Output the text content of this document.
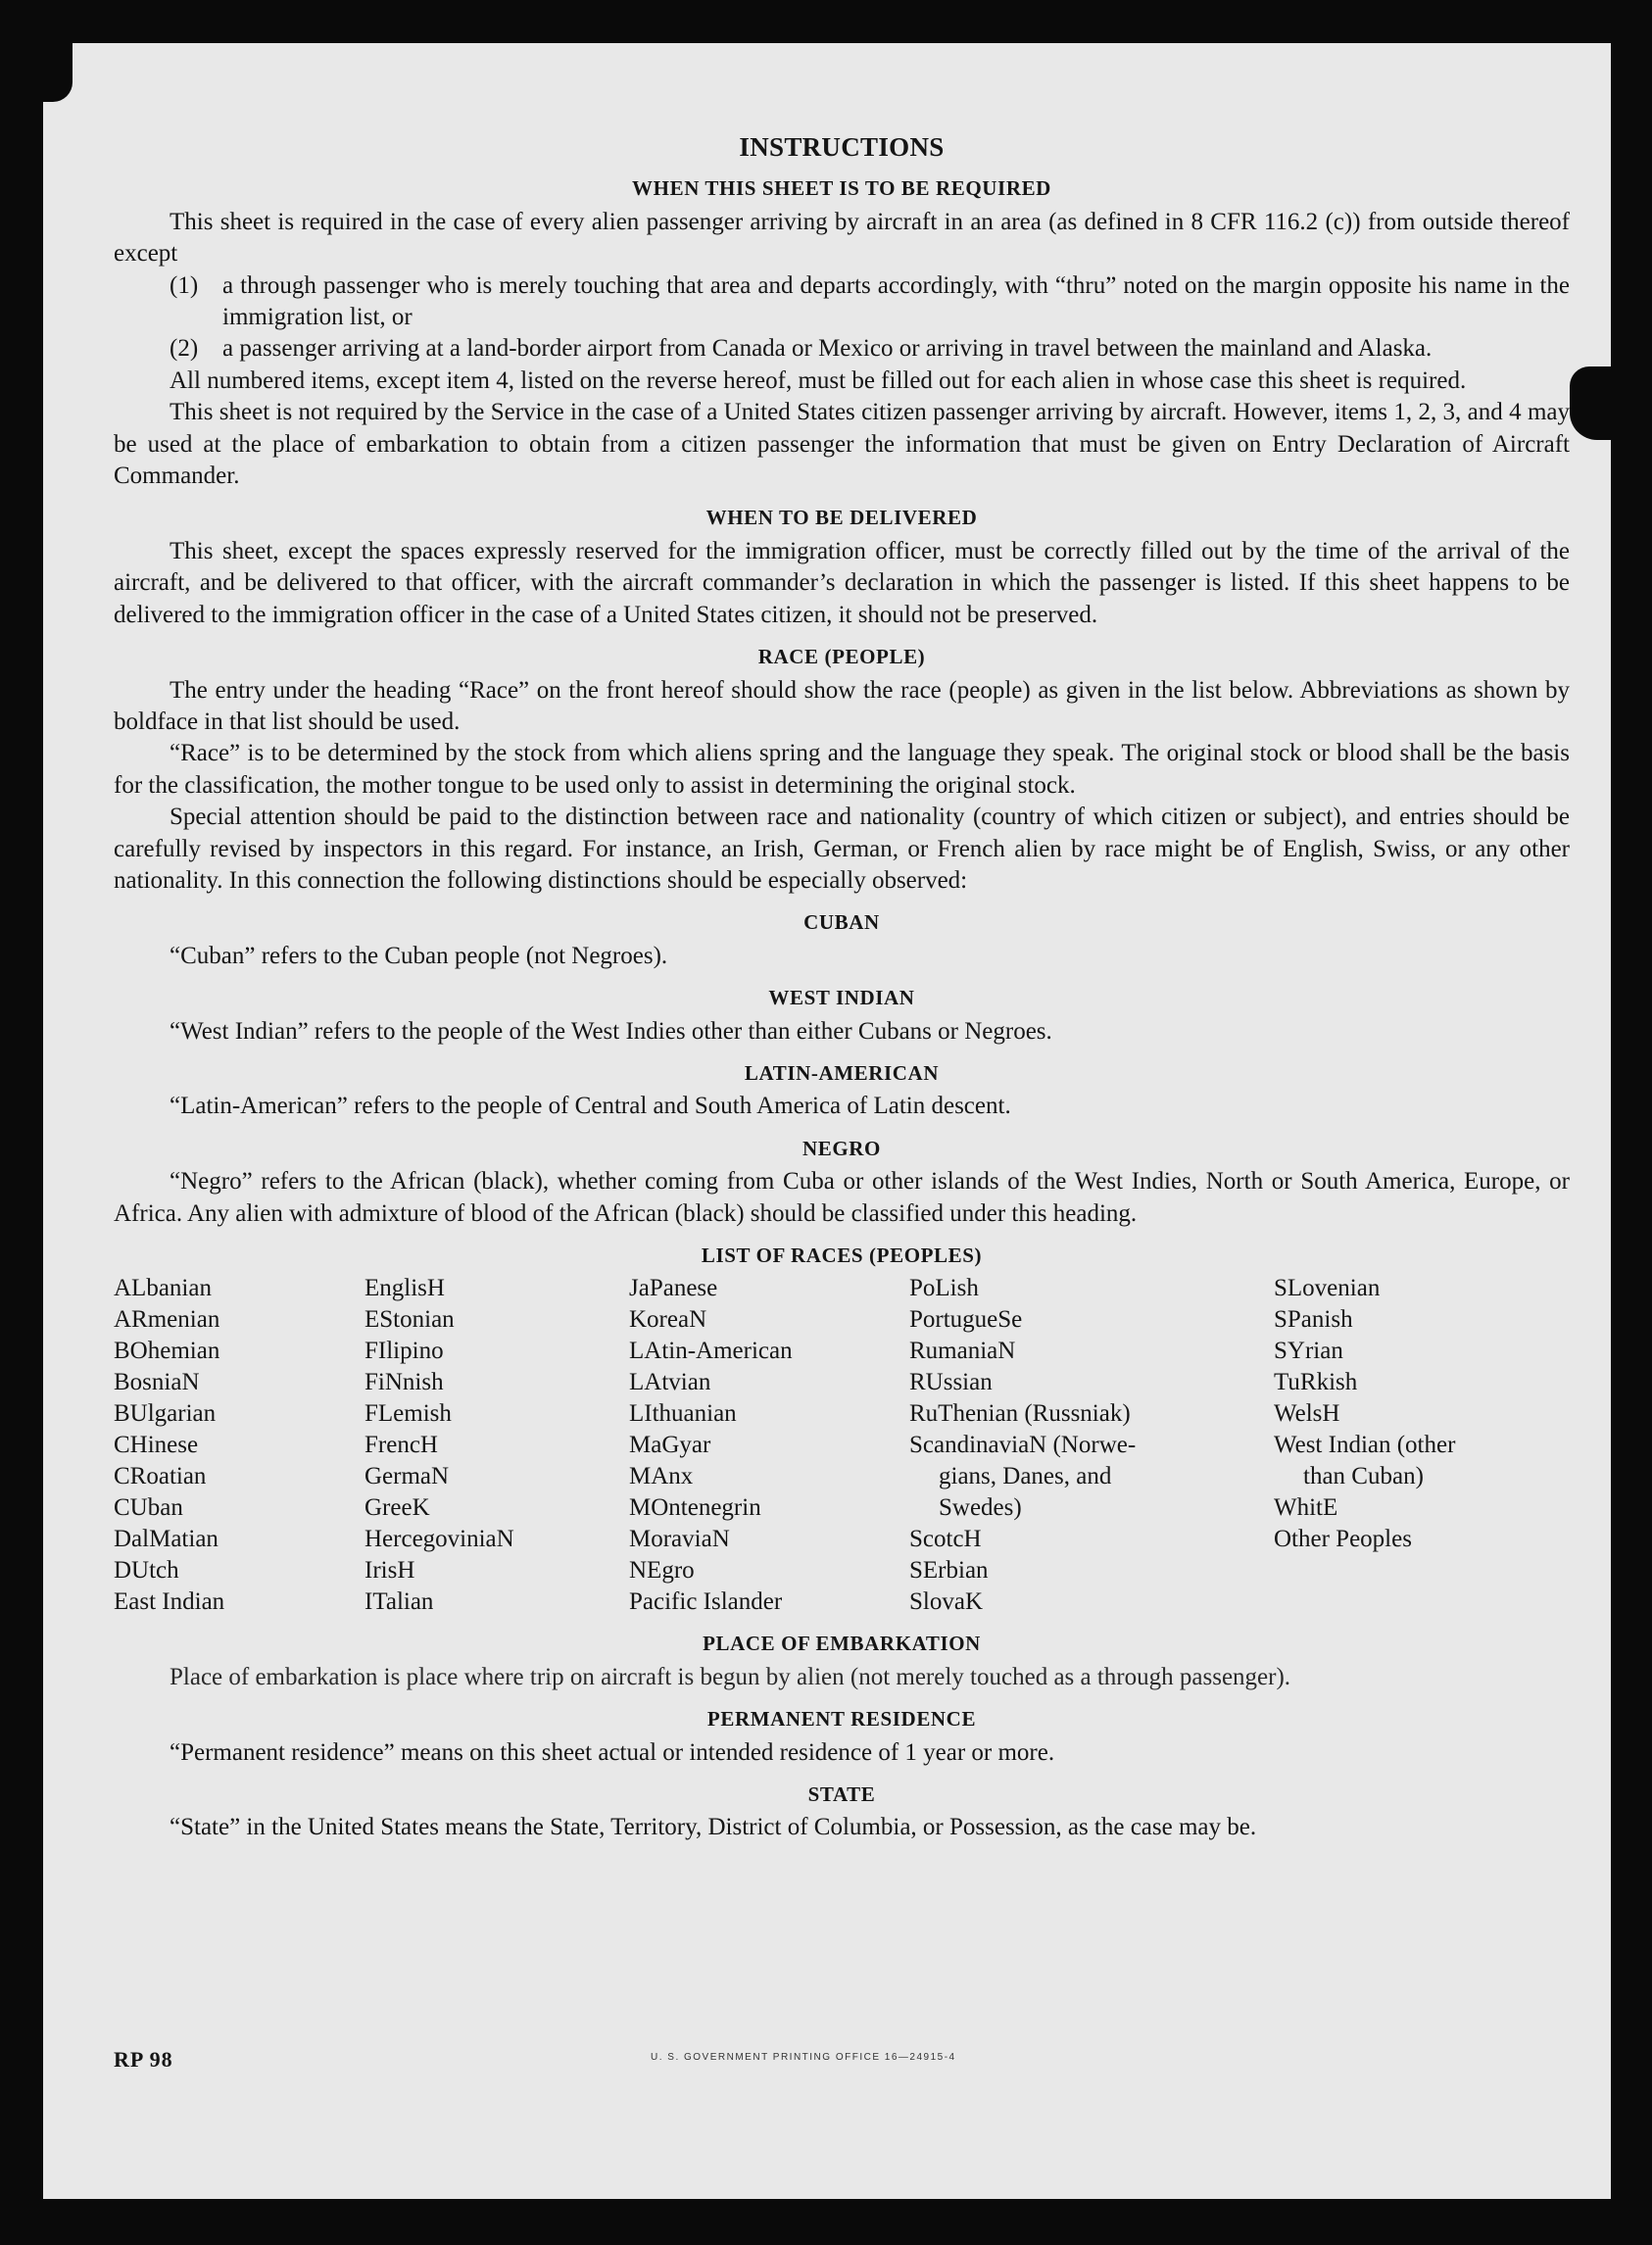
INSTRUCTIONS
WHEN THIS SHEET IS TO BE REQUIRED

This sheet is required in the case of every alien passenger arriving by aircraft in an area (as defined in 8 CFR 116.2 (c)) from outside thereof except

(1) a through passenger who is merely touching that area and departs accordingly, with “thru” noted on the margin opposite his name in the immigration list, or
(2) a passenger arriving at a land-border airport from Canada or Mexico or arriving in travel between the mainland and Alaska.

All numbered items, except item 4, listed on the reverse hereof, must be filled out for each alien in whose case this sheet is required.

This sheet is not required by the Service in the case of a United States citizen passenger arriving by aircraft. However, items 1, 2, 3, and 4 may be used at the place of embarkation to obtain from a citizen passenger the information that must be given on Entry Declaration of Aircraft Commander.

WHEN TO BE DELIVERED

This sheet, except the spaces expressly reserved for the immigration officer, must be correctly filled out by the time of the arrival of the aircraft, and be delivered to that officer, with the aircraft commander’s declaration in which the passenger is listed. If this sheet happens to be delivered to the immigration officer in the case of a United States citizen, it should not be preserved.

RACE (PEOPLE)

The entry under the heading “Race” on the front hereof should show the race (people) as given in the list below. Abbreviations as shown by boldface in that list should be used.

“Race” is to be determined by the stock from which aliens spring and the language they speak. The original stock or blood shall be the basis for the classification, the mother tongue to be used only to assist in determining the original stock.

Special attention should be paid to the distinction between race and nationality (country of which citizen or subject), and entries should be carefully revised by inspectors in this regard. For instance, an Irish, German, or French alien by race might be of English, Swiss, or any other nationality. In this connection the following distinctions should be especially observed:

CUBAN

“Cuban” refers to the Cuban people (not Negroes).

WEST INDIAN

“West Indian” refers to the people of the West Indies other than either Cubans or Negroes.

LATIN-AMERICAN

“Latin-American” refers to the people of Central and South America of Latin descent.

NEGRO

“Negro” refers to the African (black), whether coming from Cuba or other islands of the West Indies, North or South America, Europe, or Africa. Any alien with admixture of blood of the African (black) should be classified under this heading.

LIST OF RACES (PEOPLES)
ALbanian
ARmenian
BOhemian
BosniaN
BUlgarian
CHinese
CRoatian
CUban
DalMatian
DUtch
East Indian
EnglisH
EStonian
FIlipino
FiNnish
FLemish
FrencH
GermaN
GreeK
HercegoviniaN
IrisH
ITalian
JaPanese
KoreaN
LAtin-American
LAtvian
LIthuanian
MaGyar
MAnx
MOntenegrin
MoraviaN
NEgro
Pacific Islander
PoLish
PortugueSe
RumaniaN
RUssian
RuThenian (Russniak)
ScandinaviaN (Norwe-
gians, Danes, and
Swedes)
ScotcH
SErbian
SlovaK
SLovenian
SPanish
SYrian
TuRkish
WelsH
West Indian (other
than Cuban)
WhitE
Other Peoples
PLACE OF EMBARKATION

Place of embarkation is place where trip on aircraft is begun by alien (not merely touched as a through passenger).

PERMANENT RESIDENCE

“Permanent residence” means on this sheet actual or intended residence of 1 year or more.

STATE

“State” in the United States means the State, Territory, District of Columbia, or Possession, as the case may be.

RP 98	U. S. GOVERNMENT PRINTING OFFICE 16—24915-4
